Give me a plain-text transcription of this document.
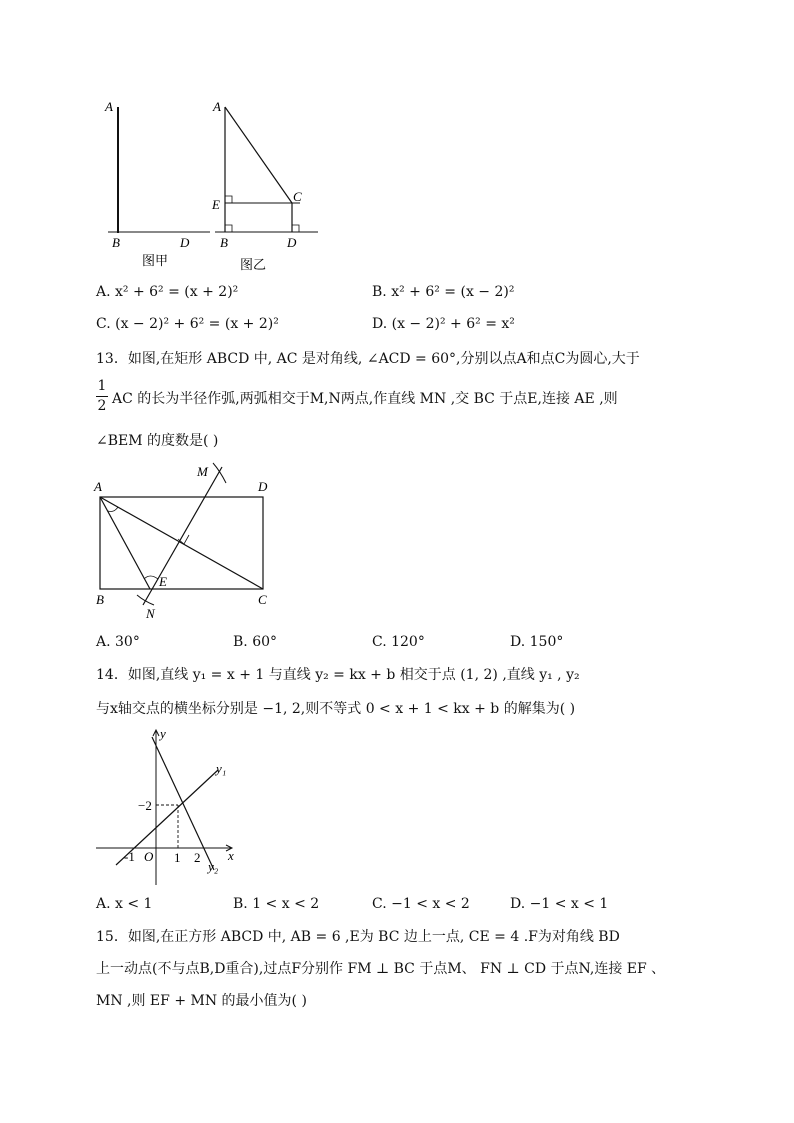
A
B	D
A
C
E
B	D
图甲	图乙
A. x² + 6² = (x + 2)²	B. x² + 6² = (x − 2)²
C. (x − 2)² + 6² = (x + 2)²	D. (x − 2)² + 6² = x²
13．如图,在矩形 ABCD 中, AC 是对角线, ∠ACD = 60°,分别以点A和点C为圆心,大于
1
2 AC 的长为半径作弧,两弧相交于M,N两点,作直线 MN ,交 BC 于点E,连接 AE ,则
∠BEM 的度数是( )
A	D
B	C
E
M
N
A. 30°	B. 60°	C. 120°	D. 150°
14．如图,直线 y₁ = x + 1 与直线 y₂ = kx + b 相交于点 (1, 2) ,直线 y₁ , y₂
与x轴交点的横坐标分别是 −1, 2,则不等式 0 < x + 1 < kx + b 的解集为( )
y
x
O
-1	1 2
−2
y₁
y₂
A. x < 1	B. 1 < x < 2	C. −1 < x < 2	D. −1 < x < 1
15．如图,在正方形 ABCD 中, AB = 6 ,E为 BC 边上一点, CE = 4 .F为对角线 BD
上一动点(不与点B,D重合),过点F分别作 FM ⊥ BC 于点M、 FN ⊥ CD 于点N,连接 EF 、
MN ,则 EF + MN 的最小值为( )
